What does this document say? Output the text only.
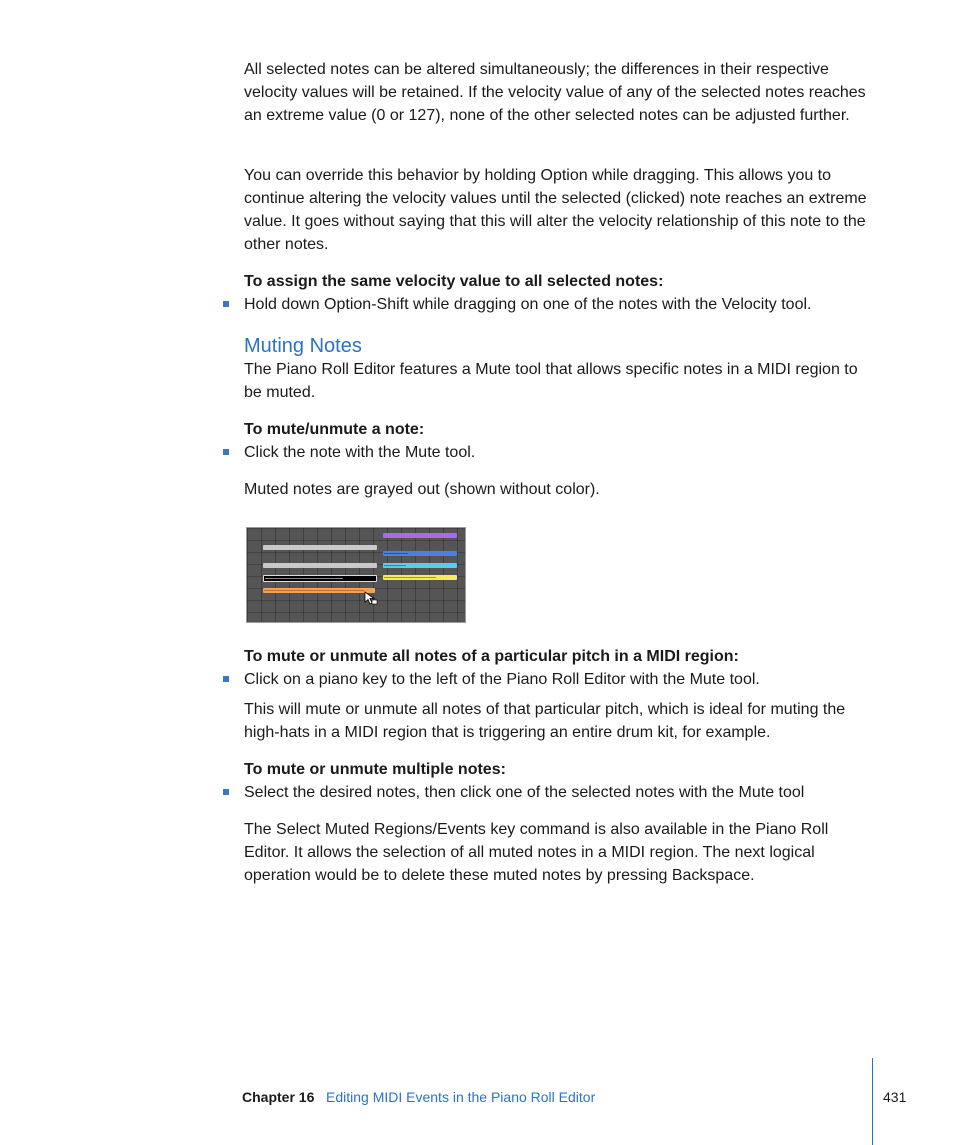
All selected notes can be altered simultaneously; the differences in their respective velocity values will be retained. If the velocity value of any of the selected notes reaches an extreme value (0 or 127), none of the other selected notes can be adjusted further.

You can override this behavior by holding Option while dragging. This allows you to continue altering the velocity values until the selected (clicked) note reaches an extreme value. It goes without saying that this will alter the velocity relationship of this note to the other notes.

To assign the same velocity value to all selected notes:

Hold down Option-Shift while dragging on one of the notes with the Velocity tool.
Muting Notes

The Piano Roll Editor features a Mute tool that allows specific notes in a MIDI region to be muted.

To mute/unmute a note:

Click the note with the Mute tool.

Muted notes are grayed out (shown without color).

To mute or unmute all notes of a particular pitch in a MIDI region:

Click on a piano key to the left of the Piano Roll Editor with the Mute tool.

This will mute or unmute all notes of that particular pitch, which is ideal for muting the high-hats in a MIDI region that is triggering an entire drum kit, for example.

To mute or unmute multiple notes:

Select the desired notes, then click one of the selected notes with the Mute tool

The Select Muted Regions/Events key command is also available in the Piano Roll Editor. It allows the selection of all muted notes in a MIDI region. The next logical operation would be to delete these muted notes by pressing Backspace.

Chapter 16 Editing MIDI Events in the Piano Roll Editor	431
